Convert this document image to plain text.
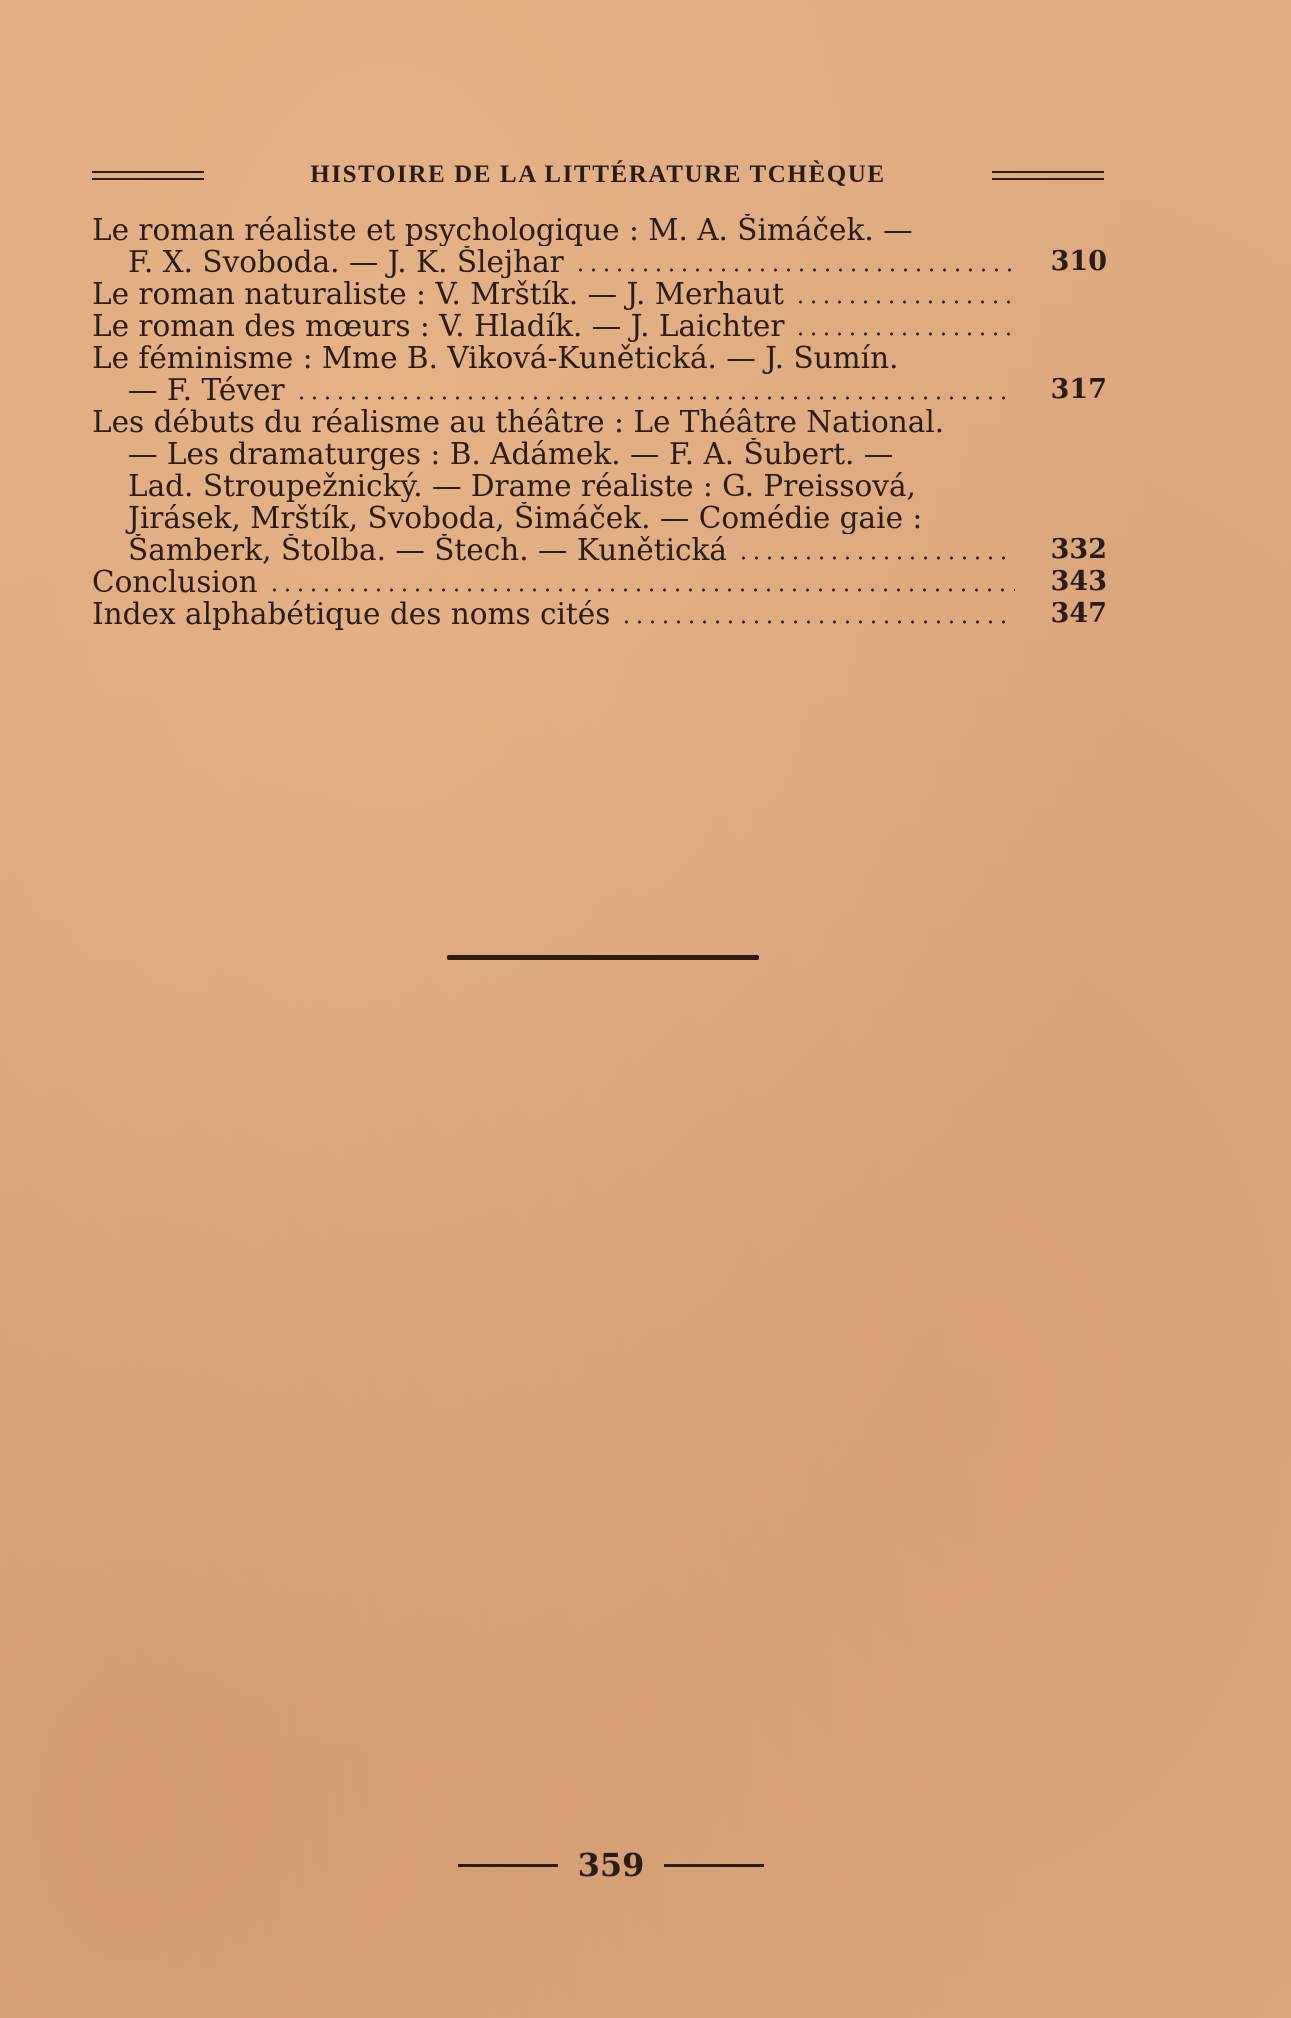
HISTOIRE DE LA LITTÉRATURE TCHÈQUE
Le roman réaliste et psychologique : M. A. Šimáček. —
F. X. Svoboda. — J. K. Šlejhar	310
Le roman naturaliste : V. Mrštík. — J. Merhaut
Le roman des mœurs : V. Hladík. — J. Laichter
Le féminisme : Mme B. Viková-Kunětická. — J. Sumín.
— F. Téver	317
Les débuts du réalisme au théâtre : Le Théâtre National.
— Les dramaturges : B. Adámek. — F. A. Šubert. —
Lad. Stroupežnický. — Drame réaliste : G. Preissová,
Jirásek, Mrštík, Svoboda, Šimáček. — Comédie gaie :
Šamberk, Štolba. — Štech. — Kunětická	332
Conclusion	343
Index alphabétique des noms cités	347
359
